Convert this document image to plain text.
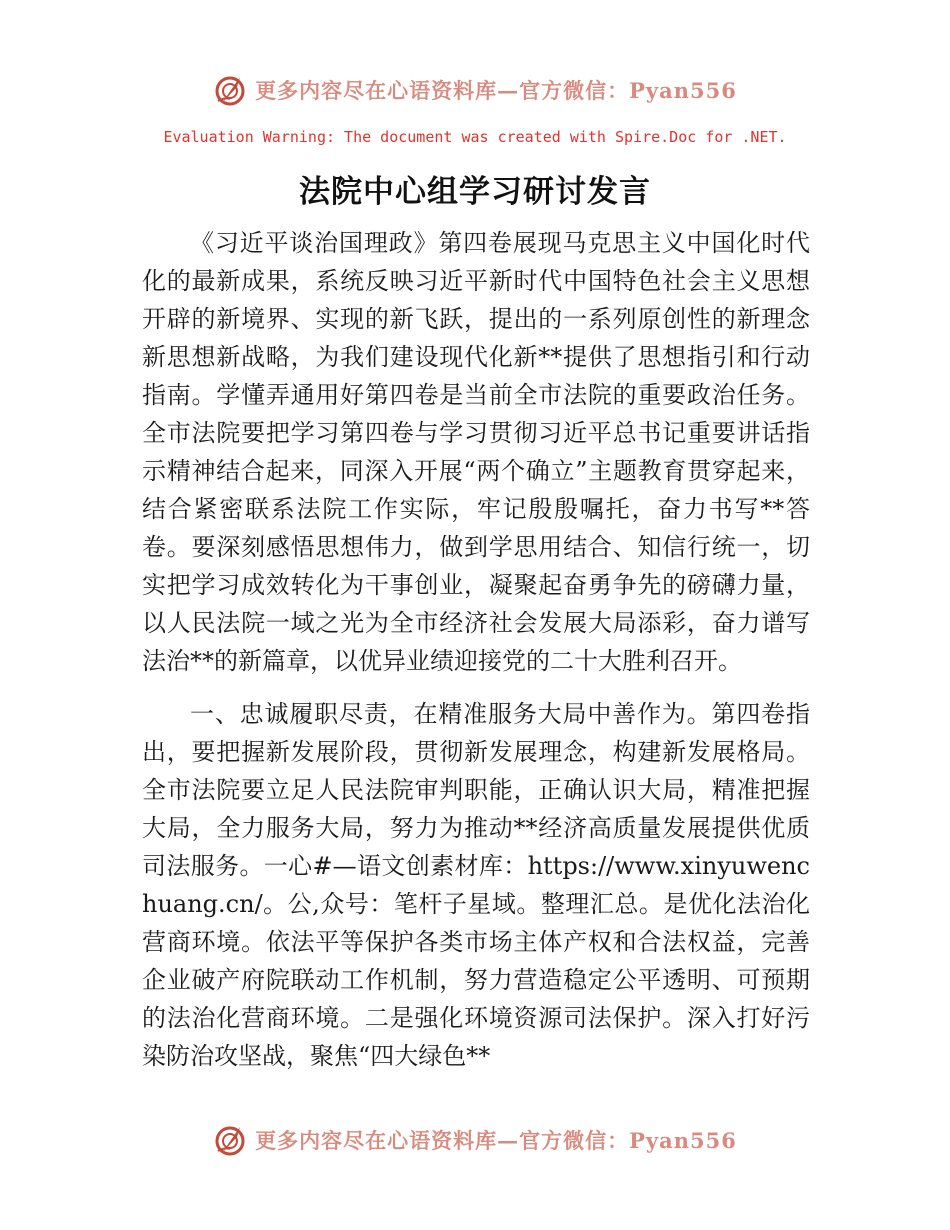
更多内容尽在心语资料库—官方微信：Pyan556
Evaluation Warning: The document was created with Spire.Doc for .NET.
法院中心组学习研讨发言

《习近平谈治国理政》第四卷展现马克思主义中国化时代化的最新成果，系统反映习近平新时代中国特色社会主义思想开辟的新境界、实现的新飞跃，提出的一系列原创性的新理念新思想新战略，为我们建设现代化新**提供了思想指引和行动指南。学懂弄通用好第四卷是当前全市法院的重要政治任务。全市法院要把学习第四卷与学习贯彻习近平总书记重要讲话指示精神结合起来，同深入开展“两个确立”主题教育贯穿起来，结合紧密联系法院工作实际，牢记殷殷嘱托，奋力书写**答卷。要深刻感悟思想伟力，做到学思用结合、知信行统一，切实把学习成效转化为干事创业，凝聚起奋勇争先的磅礴力量，以人民法院一域之光为全市经济社会发展大局添彩，奋力谱写法治**的新篇章，以优异业绩迎接党的二十大胜利召开。

一、忠诚履职尽责，在精准服务大局中善作为。第四卷指出，要把握新发展阶段，贯彻新发展理念，构建新发展格局。全市法院要立足人民法院审判职能，正确认识大局，精准把握大局，全力服务大局，努力为推动**经济高质量发展提供优质司法服务。一心#—语文创素材库：https://www.xinyuwenchuang.cn/。公,众号：笔杆子星域。整理汇总。是优化法治化营商环境。依法平等保护各类市场主体产权和合法权益，完善企业破产府院联动工作机制，努力营造稳定公平透明、可预期的法治化营商环境。二是强化环境资源司法保护。深入打好污染防治攻坚战，聚焦“四大绿色**

更多内容尽在心语资料库—官方微信：Pyan556
